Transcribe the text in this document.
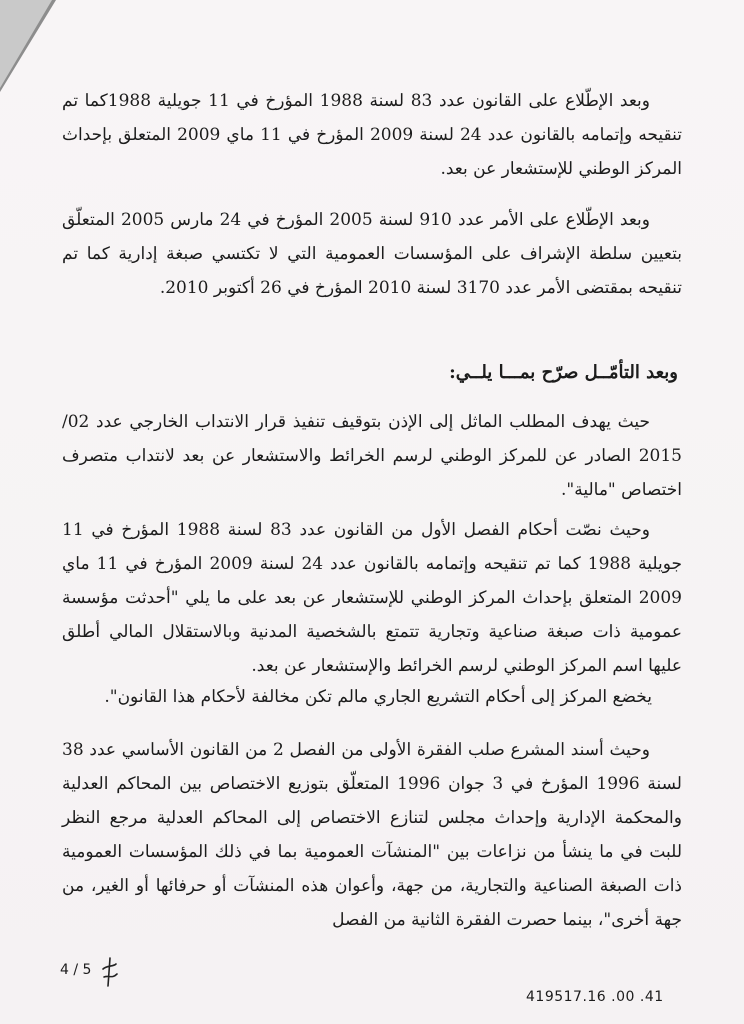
وبعد الإطّلاع على القانون عدد 83 لسنة 1988 المؤرخ في 11 جويلية 1988كما تم تنقيحه وإتمامه بالقانون عدد 24 لسنة 2009 المؤرخ في 11 ماي 2009 المتعلق بإحداث المركز الوطني للإستشعار عن بعد.
وبعد الإطّلاع على الأمر عدد 910 لسنة 2005 المؤرخ في 24 مارس 2005 المتعلّق بتعيين سلطة الإشراف على المؤسسات العمومية التي لا تكتسي صبغة إدارية كما تم تنقيحه بمقتضى الأمر عدد 3170 لسنة 2010 المؤرخ في 26 أكتوبر 2010.
وبعد التأمّــل صرّح بمـــا يلــي:
حيث يهدف المطلب الماثل إلى الإذن بتوقيف تنفيذ قرار الانتداب الخارجي عدد 02/ 2015 الصادر عن للمركز الوطني لرسم الخرائط والاستشعار عن بعد لانتداب متصرف اختصاص "مالية".
وحيث نصّت أحكام الفصل الأول من القانون عدد 83 لسنة 1988 المؤرخ في 11 جويلية 1988 كما تم تنقيحه وإتمامه بالقانون عدد 24 لسنة 2009 المؤرخ في 11 ماي 2009 المتعلق بإحداث المركز الوطني للإستشعار عن بعد على ما يلي "أحدثت مؤسسة عمومية ذات صبغة صناعية وتجارية تتمتع بالشخصية المدنية وبالاستقلال المالي أطلق عليها اسم المركز الوطني لرسم الخرائط والإستشعار عن بعد.
يخضع المركز إلى أحكام التشريع الجاري مالم تكن مخالفة لأحكام هذا القانون".
وحيث أسند المشرع صلب الفقرة الأولى من الفصل 2 من القانون الأساسي عدد 38 لسنة 1996 المؤرخ في 3 جوان 1996 المتعلّق بتوزيع الاختصاص بين المحاكم العدلية والمحكمة الإدارية وإحداث مجلس لتنازع الاختصاص إلى المحاكم العدلية مرجع النظر للبت في ما ينشأ من نزاعات بين "المنشآت العمومية بما في ذلك المؤسسات العمومية ذات الصبغة الصناعية والتجارية، من جهة، وأعوان هذه المنشآت أو حرفائها أو الغير، من جهة أخرى"، بينما حصرت الفقرة الثانية من الفصل
4 / 5
419517.16 .00 .41
